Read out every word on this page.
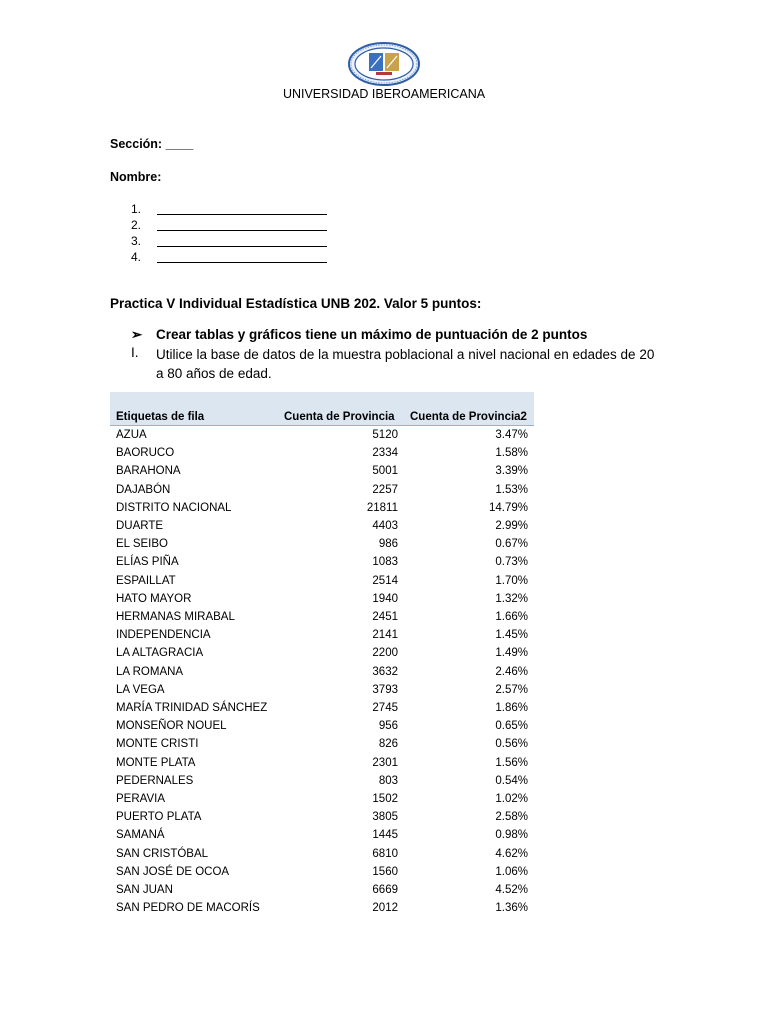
UNIVERSIDAD IBEROAMERICANA
Sección: ____
Nombre:
1.
2.
3.
4.
Practica V Individual Estadística UNB 202. Valor 5 puntos:
➢	Crear tablas y gráficos tiene un máximo de puntuación de 2 puntos
I.	Utilice la base de datos de la muestra poblacional a nivel nacional en edades de 20 a 80 años de edad.
Etiquetas de fila	Cuenta de Provincia	Cuenta de Provincia2
AZUA	5120	3.47%
BAORUCO	2334	1.58%
BARAHONA	5001	3.39%
DAJABÓN	2257	1.53%
DISTRITO NACIONAL	21811	14.79%
DUARTE	4403	2.99%
EL SEIBO	986	0.67%
ELÍAS PIÑA	1083	0.73%
ESPAILLAT	2514	1.70%
HATO MAYOR	1940	1.32%
HERMANAS MIRABAL	2451	1.66%
INDEPENDENCIA	2141	1.45%
LA ALTAGRACIA	2200	1.49%
LA ROMANA	3632	2.46%
LA VEGA	3793	2.57%
MARÍA TRINIDAD SÁNCHEZ	2745	1.86%
MONSEÑOR NOUEL	956	0.65%
MONTE CRISTI	826	0.56%
MONTE PLATA	2301	1.56%
PEDERNALES	803	0.54%
PERAVIA	1502	1.02%
PUERTO PLATA	3805	2.58%
SAMANÁ	1445	0.98%
SAN CRISTÓBAL	6810	4.62%
SAN JOSÉ DE OCOA	1560	1.06%
SAN JUAN	6669	4.52%
SAN PEDRO DE MACORÍS	2012	1.36%
